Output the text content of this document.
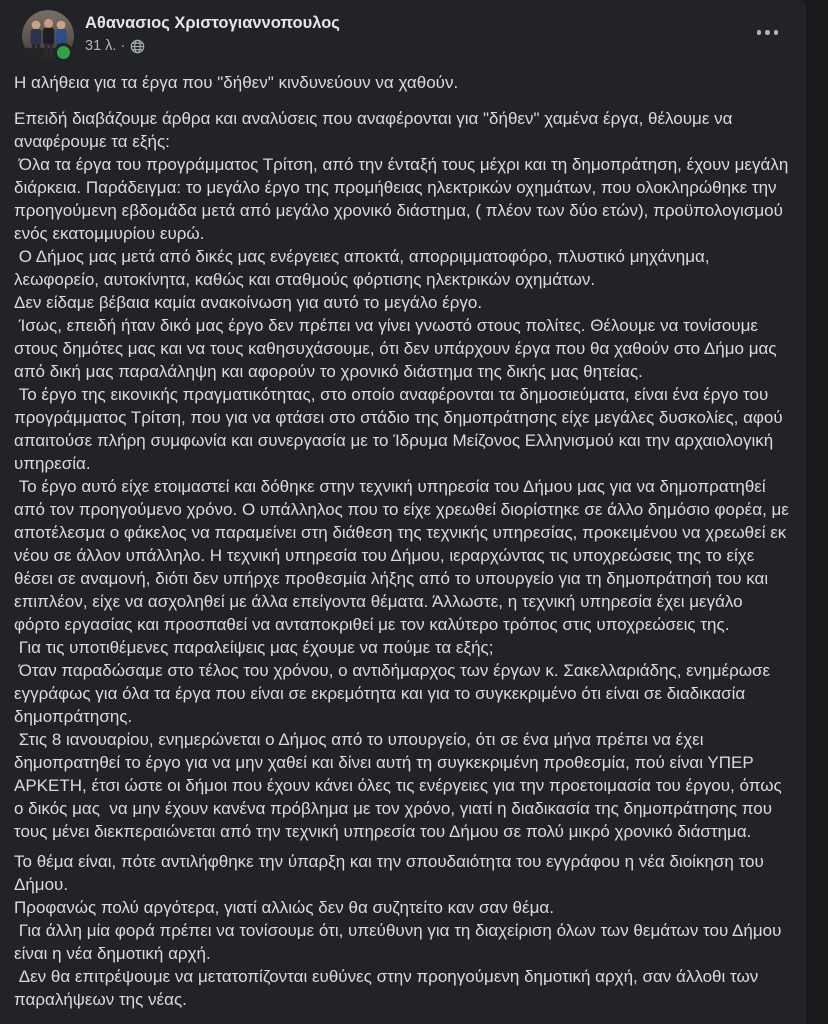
Αθανασιος Χριστογιαννοπουλος
31 λ. ·
Η αλήθεια για τα έργα που "δήθεν" κινδυνεύουν να χαθούν.
Επειδή διαβάζουμε άρθρα και αναλύσεις που αναφέρονται για "δήθεν" χαμένα έργα, θέλουμε να αναφέρουμε τα εξής:
Όλα τα έργα του προγράμματος Τρίτση, από την ένταξή τους μέχρι και τη δημοπράτηση, έχουν μεγάλη διάρκεια. Παράδειγμα: το μεγάλο έργο της προμήθειας ηλεκτρικών οχημάτων, που ολοκληρώθηκε την προηγούμενη εβδομάδα μετά από μεγάλο χρονικό διάστημα, ( πλέον των δύο ετών), προϋπολογισμού ενός εκατομμυρίου ευρώ.
Ο Δήμος μας μετά από δικές μας ενέργειες αποκτά, απορριμματοφόρο, πλυστικό μηχάνημα, λεωφορείο, αυτοκίνητα, καθώς και σταθμούς φόρτισης ηλεκτρικών οχημάτων.
Δεν είδαμε βέβαια καμία ανακοίνωση για αυτό το μεγάλο έργο.
Ίσως, επειδή ήταν δικό μας έργο δεν πρέπει να γίνει γνωστό στους πολίτες. Θέλουμε να τονίσουμε στους δημότες μας και να τους καθησυχάσουμε, ότι δεν υπάρχουν έργα που θα χαθούν στο Δήμο μας από δική μας παραλάληψη και αφορούν το χρονικό διάστημα της δικής μας θητείας.
Το έργο της εικονικής πραγματικότητας, στο οποίο αναφέρονται τα δημοσιεύματα, είναι ένα έργο του προγράμματος Τρίτση, που για να φτάσει στο στάδιο της δημοπράτησης είχε μεγάλες δυσκολίες, αφού απαιτούσε πλήρη συμφωνία και συνεργασία με το Ίδρυμα Μείζονος Ελληνισμού και την αρχαιολογική υπηρεσία.
Το έργο αυτό είχε ετοιμαστεί και δόθηκε στην τεχνική υπηρεσία του Δήμου μας για να δημοπρατηθεί από τον προηγούμενο χρόνο. Ο υπάλληλος που το είχε χρεωθεί διορίστηκε σε άλλο δημόσιο φορέα, με αποτέλεσμα ο φάκελος να παραμείνει στη διάθεση της τεχνικής υπηρεσίας, προκειμένου να χρεωθεί εκ νέου σε άλλον υπάλληλο. Η τεχνική υπηρεσία του Δήμου, ιεραρχώντας τις υποχρεώσεις της το είχε θέσει σε αναμονή, διότι δεν υπήρχε προθεσμία λήξης από το υπουργείο για τη δημοπράτησή του και επιπλέον, είχε να ασχοληθεί με άλλα επείγοντα θέματα. Άλλωστε, η τεχνική υπηρεσία έχει μεγάλο φόρτο εργασίας και προσπαθεί να ανταποκριθεί με τον καλύτερο τρόπος στις υποχρεώσεις της.
Για τις υποτιθέμενες παραλείψεις μας έχουμε να πούμε τα εξής;
Όταν παραδώσαμε στο τέλος του χρόνου, ο αντιδήμαρχος των έργων κ. Σακελλαριάδης, ενημέρωσε εγγράφως για όλα τα έργα που είναι σε εκρεμότητα και για το συγκεκριμένο ότι είναι σε διαδικασία δημοπράτησης.
Στις 8 ιανουαρίου, ενημερώνεται ο Δήμος από το υπουργείο, ότι σε ένα μήνα πρέπει να έχει δημοπρατηθεί το έργο για να μην χαθεί και δίνει αυτή τη συγκεκριμένη προθεσμία, πού είναι ΥΠΕΡ ΑΡΚΕΤΗ, έτσι ώστε οι δήμοι που έχουν κάνει όλες τις ενέργειες για την προετοιμασία του έργου, όπως ο δικός μας  να μην έχουν κανένα πρόβλημα με τον χρόνο, γιατί η διαδικασία της δημοπράτησης που τους μένει διεκπεραιώνεται από την τεχνική υπηρεσία του Δήμου σε πολύ μικρό χρονικό διάστημα.
Το θέμα είναι, πότε αντιλήφθηκε την ύπαρξη και την σπουδαιότητα του εγγράφου η νέα διοίκηση του Δήμου.
Προφανώς πολύ αργότερα, γιατί αλλιώς δεν θα συζητείτο καν σαν θέμα.
Για άλλη μία φορά πρέπει να τονίσουμε ότι, υπεύθυνη για τη διαχείριση όλων των θεμάτων του Δήμου είναι η νέα δημοτική αρχή.
Δεν θα επιτρέψουμε να μετατοπίζονται ευθύνες στην προηγούμενη δημοτική αρχή, σαν άλλοθι των παραλήψεων της νέας.
